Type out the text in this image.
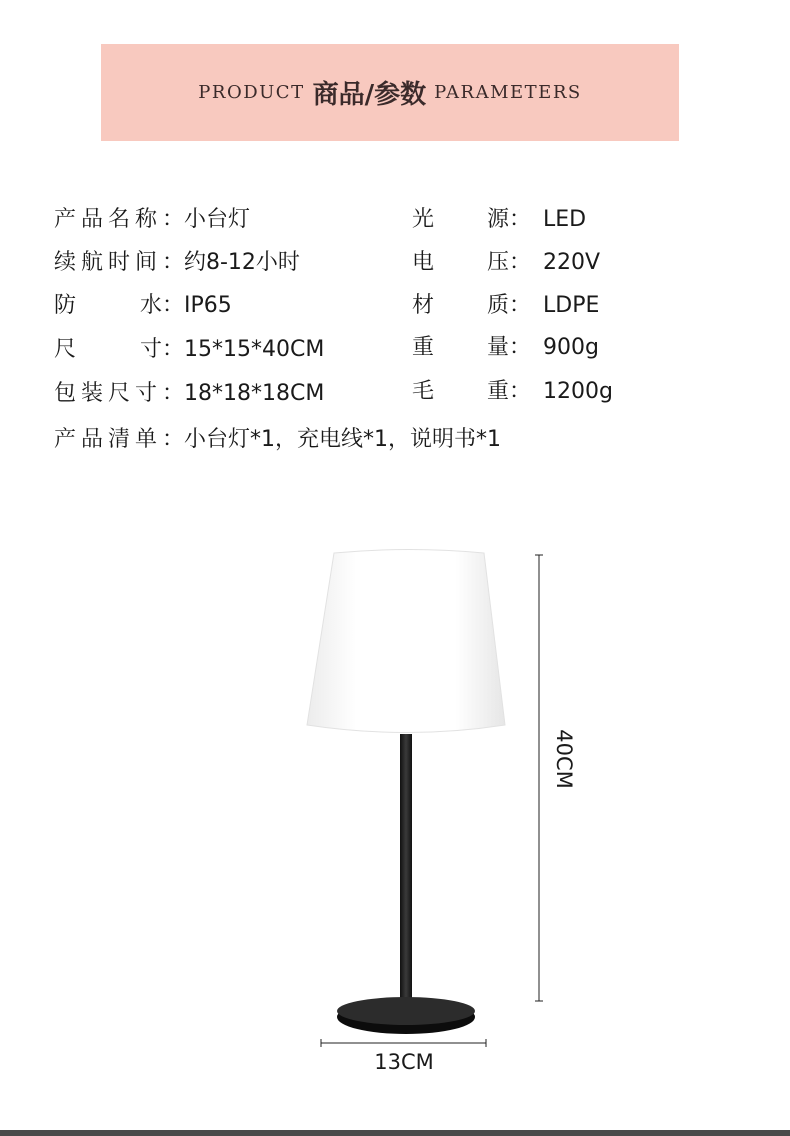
PRODUCT 商品/参数 PARAMETERS
产 品 名 称 ： 小台灯
续 航 时 间 ： 约8-12小时
防	水： IP65
尺	寸： 15*15*40CM
包 装 尺 寸 ： 18*18*18CM
产 品 清 单 ： 小台灯*1，充电线*1，说明书*1
光 源： LED
电 压： 220V
材 质： LDPE
重 量： 900g
毛 重： 1200g
40CM
13CM
